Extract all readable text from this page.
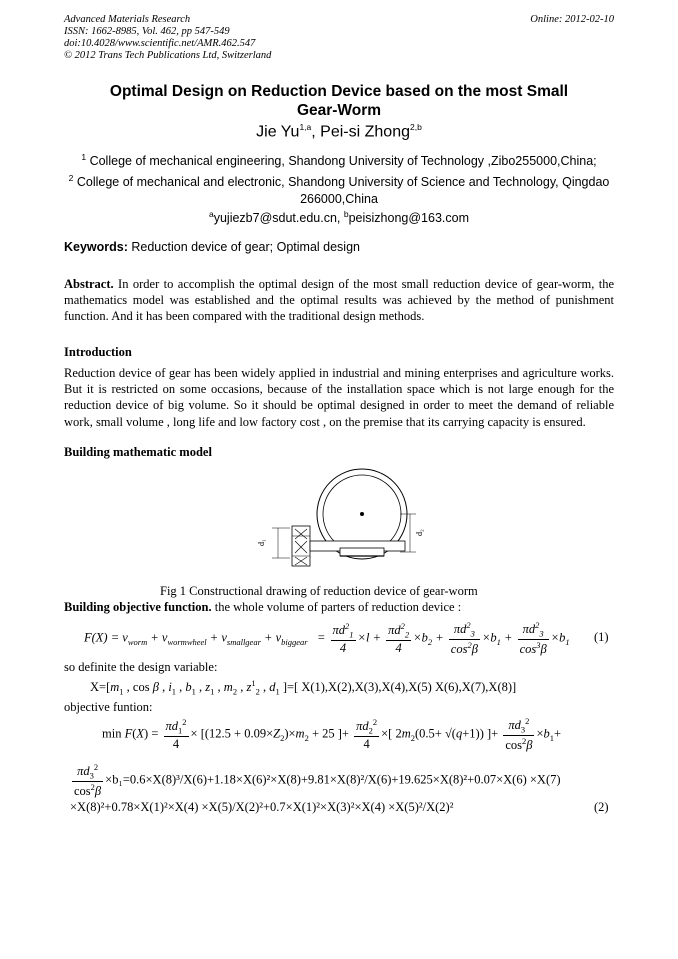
Advanced Materials Research
ISSN: 1662-8985, Vol. 462, pp 547-549
doi:10.4028/www.scientific.net/AMR.462.547
© 2012 Trans Tech Publications Ltd, Switzerland
Online: 2012-02-10
Optimal Design on Reduction Device based on the most Small
Gear-Worm
Jie Yu$^{1,a}$, Pei-si Zhong$^{2,b}$
$^1$ College of mechanical engineering, Shandong University of Technology ,Zibo255000,China;
$^2$ College of mechanical and electronic, Shandong University of Science and Technology, Qingdao
266000,China
$^a$yujiezb7@sdut.edu.cn, $^b$peisizhong@163.com
Keywords: Reduction device of gear; Optimal design
Abstract. In order to accomplish the optimal design of the most small reduction device of gear-worm, the mathematics model was established and the optimal results was achieved by the method of punishment function. And it has been compared with the traditional design methods.
Introduction
Reduction device of gear has been widely applied in industrial and mining enterprises and agriculture works. But it is restricted on some occasions, because of the installation space which is not large enough for the reduction device of big volume. So it should be optimal designed in order to meet the demand of reliable work, small volume , long life and low factory cost , on the premise that its carrying capacity is ensured.
Building mathematic model
d₁
d₂
Fig 1 Constructional drawing of reduction device of gear-worm
Building objective function. the whole volume of parters of reduction device :
$F(X) = v_{worm} + v_{wormwheel} + v_{smallgear} + v_{biggear} = \frac{\pi d^2_1}{4} \times l + \frac{\pi d^2_2}{4} \times b_2 + \frac{\pi d^2_3}{\cos^2\beta} \times b_1 + \frac{\pi d^2_3}{\cos^3\beta} \times b_1$ (1)
so definite the design variable:
$X=[m_1$ , cos β , $i_1$ , $b_1$ , $z_1$ , $m_2$ , $z^1_2$ , $d_1$ ]=[ X(1),X(2),X(3),X(4),X(5) X(6),X(7),X(8)]
objective funtion:
$\min F(X) = \frac{\pi d_1^2}{4} \times [(12.5 + 0.09\times Z_2)\times m_2 + 25$ ]+ $\frac{\pi d_2^2}{4}$ ×[ $2m_2(0.5+ √(q+1))$ ]+ $\frac{\pi d_3^2}{\cos^2\beta} \times b_1+$
$\frac{\pi d_3^2}{\cos^2\beta} \times b_1=0.6\times X(8)^3/X(6)+1.18\times X(6)^2\times X(8)+9.81\times X(8)^2/X(6)+19.625\times X(8)^2+0.07\times X(6) \times X(7)$
×X(8)²+0.78×X(1)²×X(4) ×X(5)/X(2)²+0.7×X(1)²×X(3)²×X(4) ×X(5)²/X(2)²	(2)
